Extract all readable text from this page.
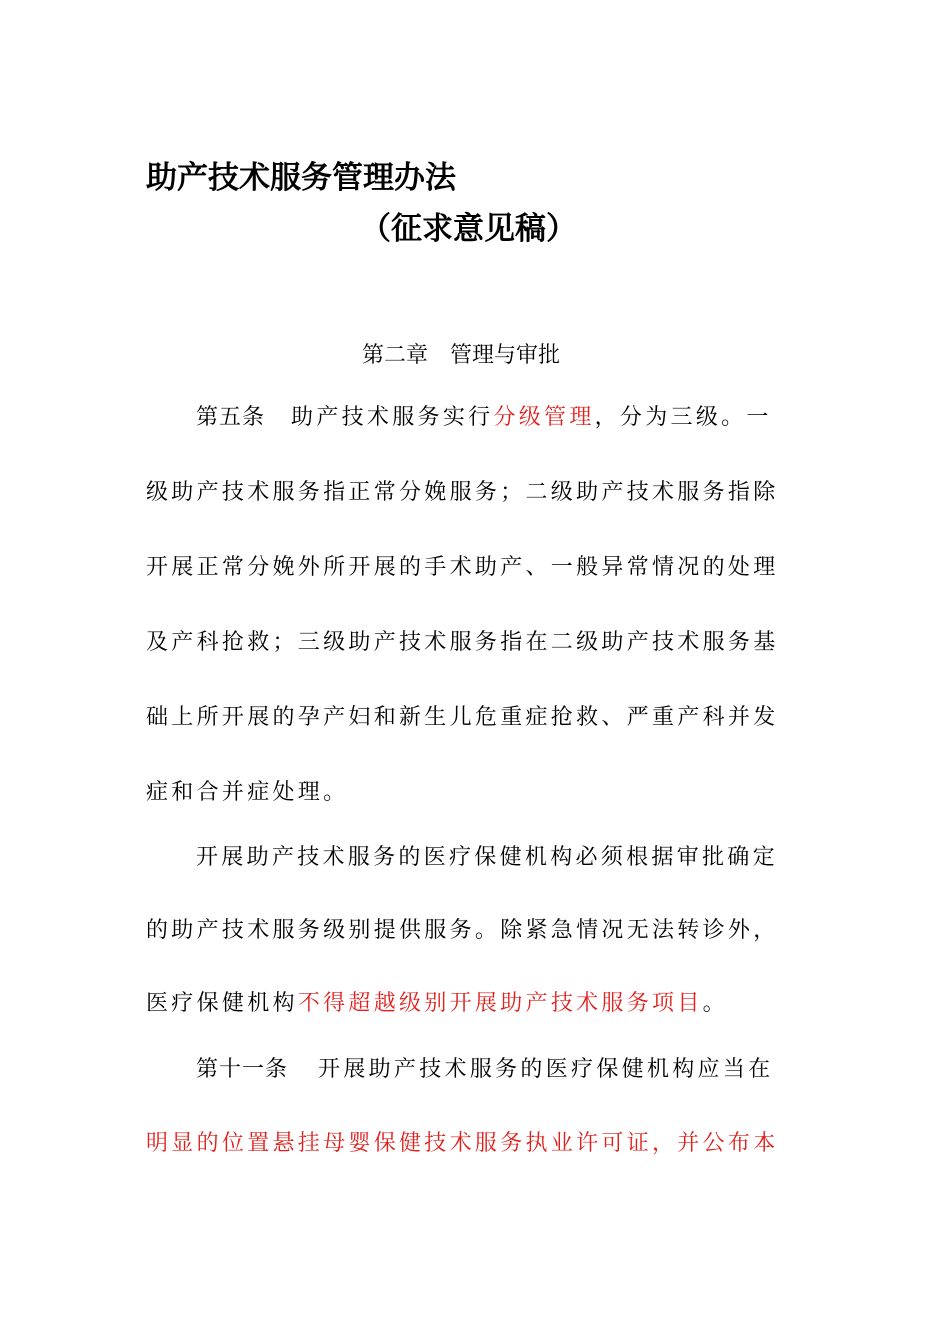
助产技术服务管理办法
（征求意见稿）
第二章 管理与审批
第五条 助产技术服务实行分级管理，分为三级。一
级助产技术服务指正常分娩服务；二级助产技术服务指除
开展正常分娩外所开展的手术助产、一般异常情况的处理
及产科抢救；三级助产技术服务指在二级助产技术服务基
础上所开展的孕产妇和新生儿危重症抢救、严重产科并发
症和合并症处理。
开展助产技术服务的医疗保健机构必须根据审批确定
的助产技术服务级别提供服务。除紧急情况无法转诊外，
医疗保健机构不得超越级别开展助产技术服务项目。
第十一条 开展助产技术服务的医疗保健机构应当在
明显的位置悬挂母婴保健技术服务执业许可证，并公布本
